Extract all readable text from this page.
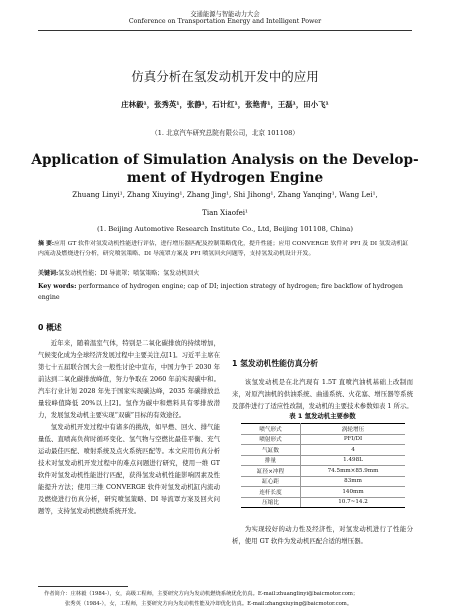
交通能源与智能动力大会
Conference on Transportation Energy and Intelligent Power
仿真分析在氢发动机开发中的应用
庄林毅¹，张秀英¹，张静¹，石计红¹，张艳青¹，王磊¹，田小飞¹
（1. 北京汽车研究总院有限公司，北京 101108）
Application of Simulation Analysis on the Develop-
ment of Hydrogen Engine
Zhuang Linyi¹, Zhang Xiuying¹, Zhang Jing¹, Shi Jihong¹, Zhang Yanqing¹, Wang Lei¹,
Tian Xiaofei¹
(1. Beijing Automotive Research Institute Co., Ltd, Beijing 101108, China)
摘 要:应用 GT 软件对氢发动机性能进行评估，进行增压器匹配及控制策略优化，提升性能；应用 CONVERGE 软件对 PFI 及 DI 氢发动机缸内流动及燃烧进行分析，研究喷氢策略、DI 导流罩方案及 PFI 喷氢回火问题等，支持氢发动机设计开发。
关键词:氢发动机性能；DI 导流罩；喷氢策略；氢发动机回火
Key words: performance of hydrogen engine; cap of DI; injection strategy of hydrogen; fire backflow of hydrogen engine
0 概述

近年来，随着温室气体，特别是二氧化碳排放的持续增加，气候变化成为全球经济发展过程中主要关注点[1]。习近平主席在第七十五届联合国大会一般性讨论中宣布，中国力争于 2030 年前达到二氧化碳排放峰值，努力争取在 2060 年前实现碳中和。汽车行业计划 2028 年先于国家实现碳达峰，2035 年碳排放总量较峰值降低 20%以上[2]。氢作为碳中和燃料具有零排放潜力，发展氢发动机主要实现“双碳”目标的有效途径。

氢发动机开发过程中有诸多的挑战，如早燃、回火、排气能量低、直喷高负荷时循环变化、氢气物与空燃比最佳平衡、充气运动最佳匹配、喷射系统及点火系统匹配等。本文应用仿真分析技术对氢发动机开发过程中的难点问题进行研究，使用一维 GT 软件对氢发动机性能进行匹配，获得氢发动机性能影响因素及性能提升方法；使用三维 CONVERGE 软件对氢发动机缸内流动及燃烧进行仿真分析，研究喷氢策略、DI 导流罩方案及回火问题等，支持氢发动机燃烧系统开发。

1 氢发动机性能仿真分析

该氢发动机是在北汽现有 1.5T 直喷汽油机基础上改制而来，对原汽油机的供油系统、曲通系统、火花塞、增压器等系统及部件进行了适应性改制，发动机的主要技术参数如表 1 所示。

表 1 氢发动机主要参数
喷气形式	涡轮增压
喷射形式	PFI/DI
气缸数	4
排量	1.498L
缸径×冲程	74.5mm×85.9mm
缸心距	83mm
连杆长度	140mm
压缩比	10.7~14.2

为实现较好的动力性及经济性，对氢发动机进行了性能分析，使用 GT 软件为发动机匹配合适的增压器。

作者简介：庄林毅（1984-），女，高级工程师，主要研究方向为发动机燃烧系统优化仿真。E-mail:zhuanglinyi@baicmotor.com；
张秀英（1984-），女，工程师，主要研究方向为发动机性能及冷却优化仿真。E-mail:zhangxiuying@baicmotor.com。
